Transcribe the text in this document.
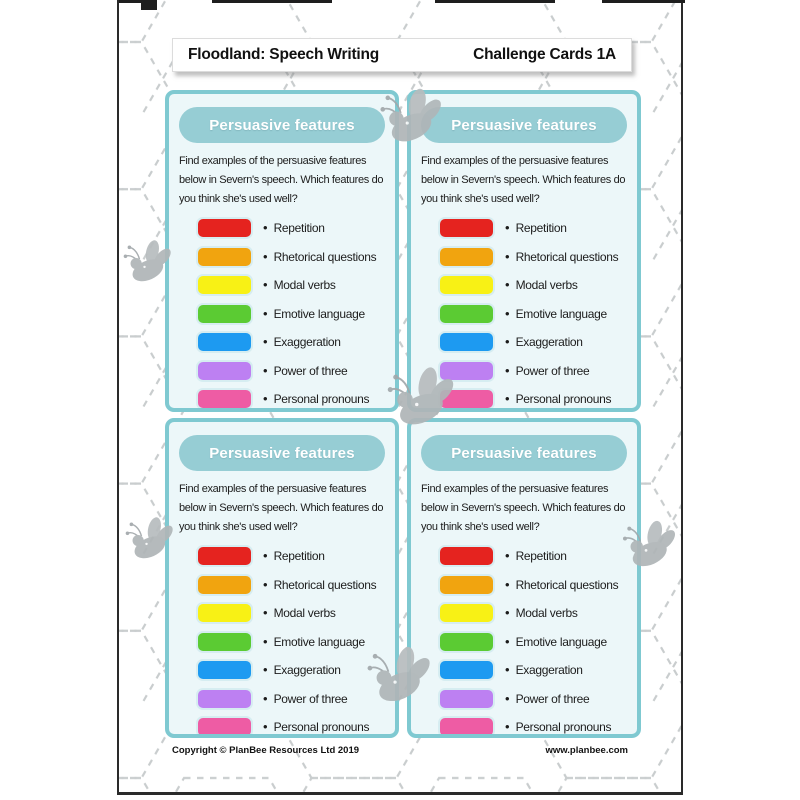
Floodland: Speech Writing	Challenge Cards 1A
Persuasive features

Find examples of the persuasive features below in Severn's speech. Which features do you think she's used well?

• Repetition
• Rhetorical questions
• Modal verbs
• Emotive language
• Exaggeration
• Power of three
• Personal pronouns
Persuasive features

Find examples of the persuasive features below in Severn's speech. Which features do you think she's used well?

• Repetition
• Rhetorical questions
• Modal verbs
• Emotive language
• Exaggeration
• Power of three
• Personal pronouns
Persuasive features

Find examples of the persuasive features below in Severn's speech. Which features do you think she's used well?

• Repetition
• Rhetorical questions
• Modal verbs
• Emotive language
• Exaggeration
• Power of three
• Personal pronouns
Persuasive features

Find examples of the persuasive features below in Severn's speech. Which features do you think she's used well?

• Repetition
• Rhetorical questions
• Modal verbs
• Emotive language
• Exaggeration
• Power of three
• Personal pronouns
Copyright © PlanBee Resources Ltd 2019	www.planbee.com
